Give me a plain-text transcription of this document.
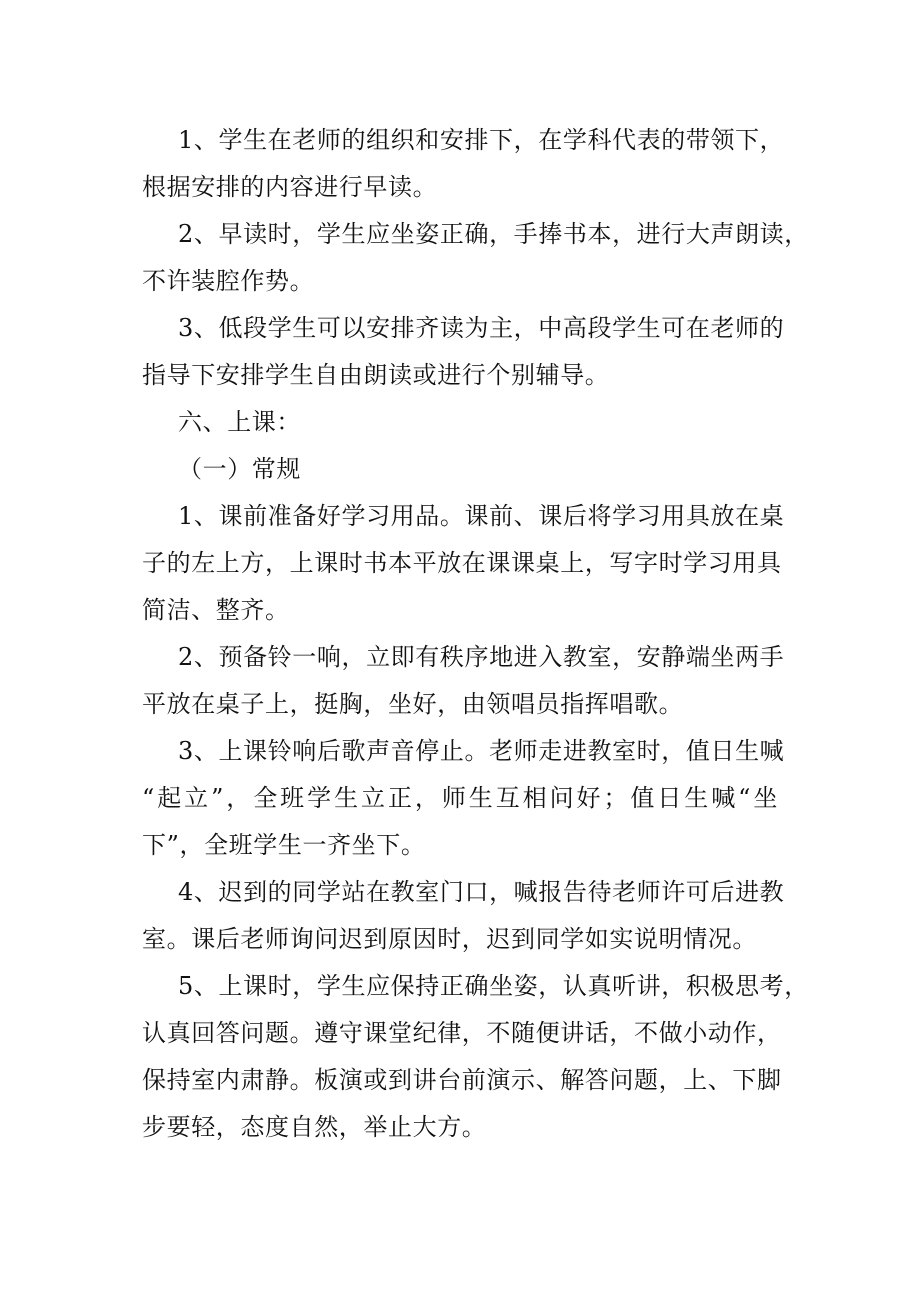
1、学生在老师的组织和安排下，在学科代表的带领下，
根据安排的内容进行早读。
2、早读时，学生应坐姿正确，手捧书本，进行大声朗读，
不许装腔作势。
3、低段学生可以安排齐读为主，中高段学生可在老师的
指导下安排学生自由朗读或进行个别辅导。
六、上课：
（一）常规
1、课前准备好学习用品。课前、课后将学习用具放在桌
子的左上方，上课时书本平放在课课桌上，写字时学习用具
简洁、整齐。
2、预备铃一响，立即有秩序地进入教室，安静端坐两手
平放在桌子上，挺胸，坐好，由领唱员指挥唱歌。
3、上课铃响后歌声音停止。老师走进教室时，值日生喊
“起立”，全班学生立正，师生互相问好；值日生喊“坐
下”，全班学生一齐坐下。
4、迟到的同学站在教室门口，喊报告待老师许可后进教
室。课后老师询问迟到原因时，迟到同学如实说明情况。
5、上课时，学生应保持正确坐姿，认真听讲，积极思考，
认真回答问题。遵守课堂纪律，不随便讲话，不做小动作，
保持室内肃静。板演或到讲台前演示、解答问题，上、下脚
步要轻，态度自然，举止大方。
